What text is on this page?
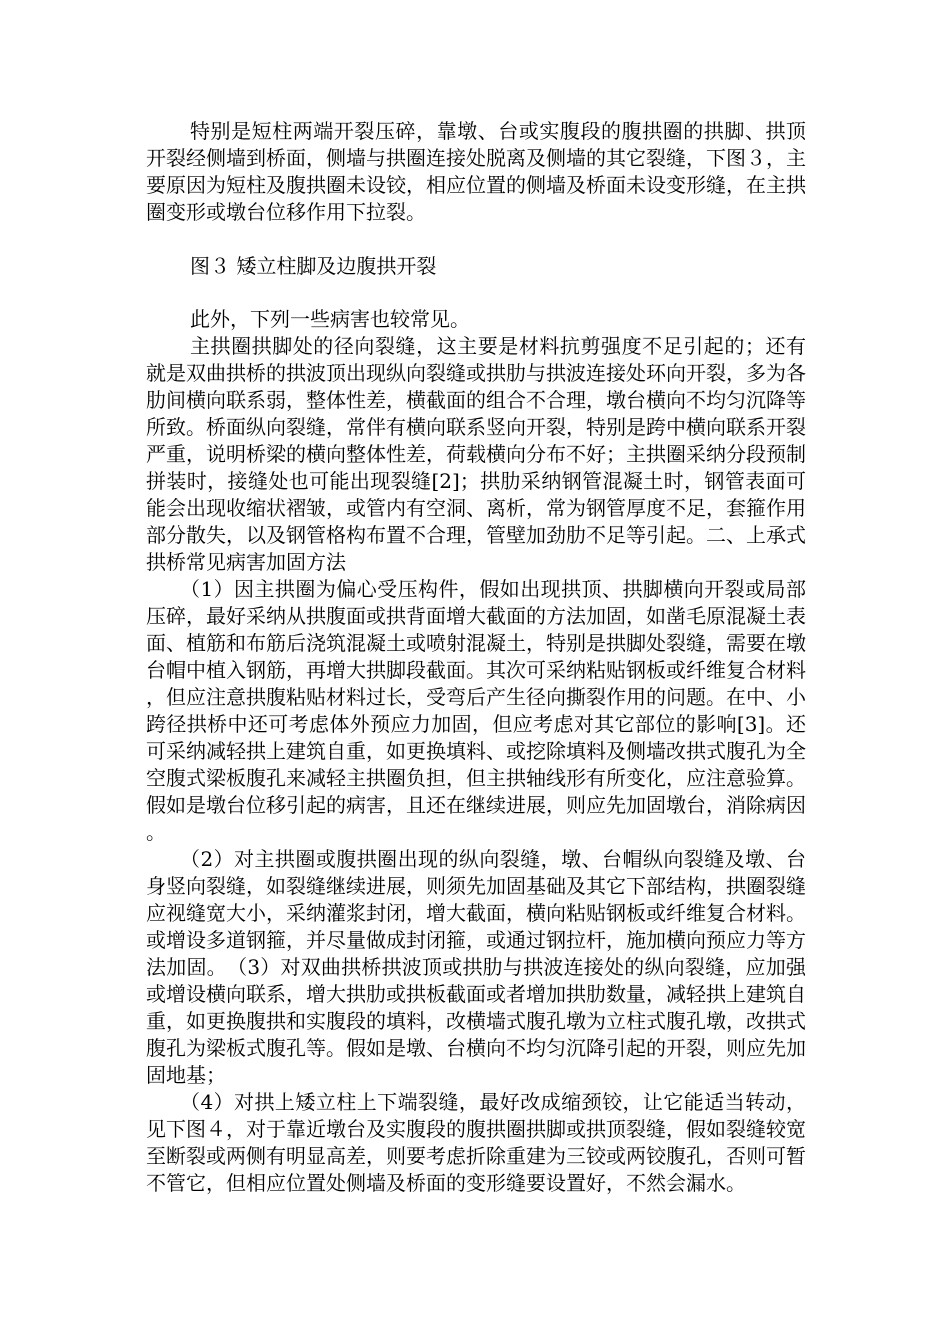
特别是短柱两端开裂压碎，靠墩、台或实腹段的腹拱圈的拱脚、拱顶开裂经侧墙到桥面，侧墙与拱圈连接处脱离及侧墙的其它裂缝，下图３，主要原因为短柱及腹拱圈未设铰，相应位置的侧墙及桥面未设变形缝，在主拱圈变形或墩台位移作用下拉裂。

图３ 矮立柱脚及边腹拱开裂

此外，下列一些病害也较常见。

主拱圈拱脚处的径向裂缝，这主要是材料抗剪强度不足引起的；还有就是双曲拱桥的拱波顶出现纵向裂缝或拱肋与拱波连接处环向开裂，多为各肋间横向联系弱，整体性差，横截面的组合不合理，墩台横向不均匀沉降等所致。桥面纵向裂缝，常伴有横向联系竖向开裂，特别是跨中横向联系开裂严重，说明桥梁的横向整体性差，荷载横向分布不好；主拱圈采纳分段预制拼装时，接缝处也可能出现裂缝[2]；拱肋采纳钢管混凝土时，钢管表面可能会出现收缩状褶皱，或管内有空洞、离析，常为钢管厚度不足，套箍作用部分散失，以及钢管格构布置不合理，管壁加劲肋不足等引起。二、上承式拱桥常见病害加固方法

（1）因主拱圈为偏心受压构件，假如出现拱顶、拱脚横向开裂或局部压碎，最好采纳从拱腹面或拱背面增大截面的方法加固，如凿毛原混凝土表面、植筋和布筋后浇筑混凝土或喷射混凝土，特别是拱脚处裂缝，需要在墩台帽中植入钢筋，再增大拱脚段截面。其次可采纳粘贴钢板或纤维复合材料，但应注意拱腹粘贴材料过长，受弯后产生径向撕裂作用的问题。在中、小跨径拱桥中还可考虑体外预应力加固，但应考虑对其它部位的影响[3]。还可采纳减轻拱上建筑自重，如更换填料、或挖除填料及侧墙改拱式腹孔为全空腹式梁板腹孔来减轻主拱圈负担，但主拱轴线形有所变化，应注意验算。假如是墩台位移引起的病害，且还在继续进展，则应先加固墩台，消除病因。

（2）对主拱圈或腹拱圈出现的纵向裂缝，墩、台帽纵向裂缝及墩、台身竖向裂缝，如裂缝继续进展，则须先加固基础及其它下部结构，拱圈裂缝应视缝宽大小，采纳灌浆封闭，增大截面，横向粘贴钢板或纤维复合材料。或增设多道钢箍，并尽量做成封闭箍，或通过钢拉杆，施加横向预应力等方法加固。　（3）对双曲拱桥拱波顶或拱肋与拱波连接处的纵向裂缝，应加强或增设横向联系，增大拱肋或拱板截面或者增加拱肋数量，减轻拱上建筑自重，如更换腹拱和实腹段的填料，改横墙式腹孔墩为立柱式腹孔墩，改拱式腹孔为梁板式腹孔等。假如是墩、台横向不均匀沉降引起的开裂，则应先加固地基；

（4）对拱上矮立柱上下端裂缝，最好改成缩颈铰，让它能适当转动，见下图４，对于靠近墩台及实腹段的腹拱圈拱脚或拱顶裂缝，假如裂缝较宽至断裂或两侧有明显高差，则要考虑折除重建为三铰或两铰腹孔，否则可暂不管它，但相应位置处侧墙及桥面的变形缝要设置好，不然会漏水。
